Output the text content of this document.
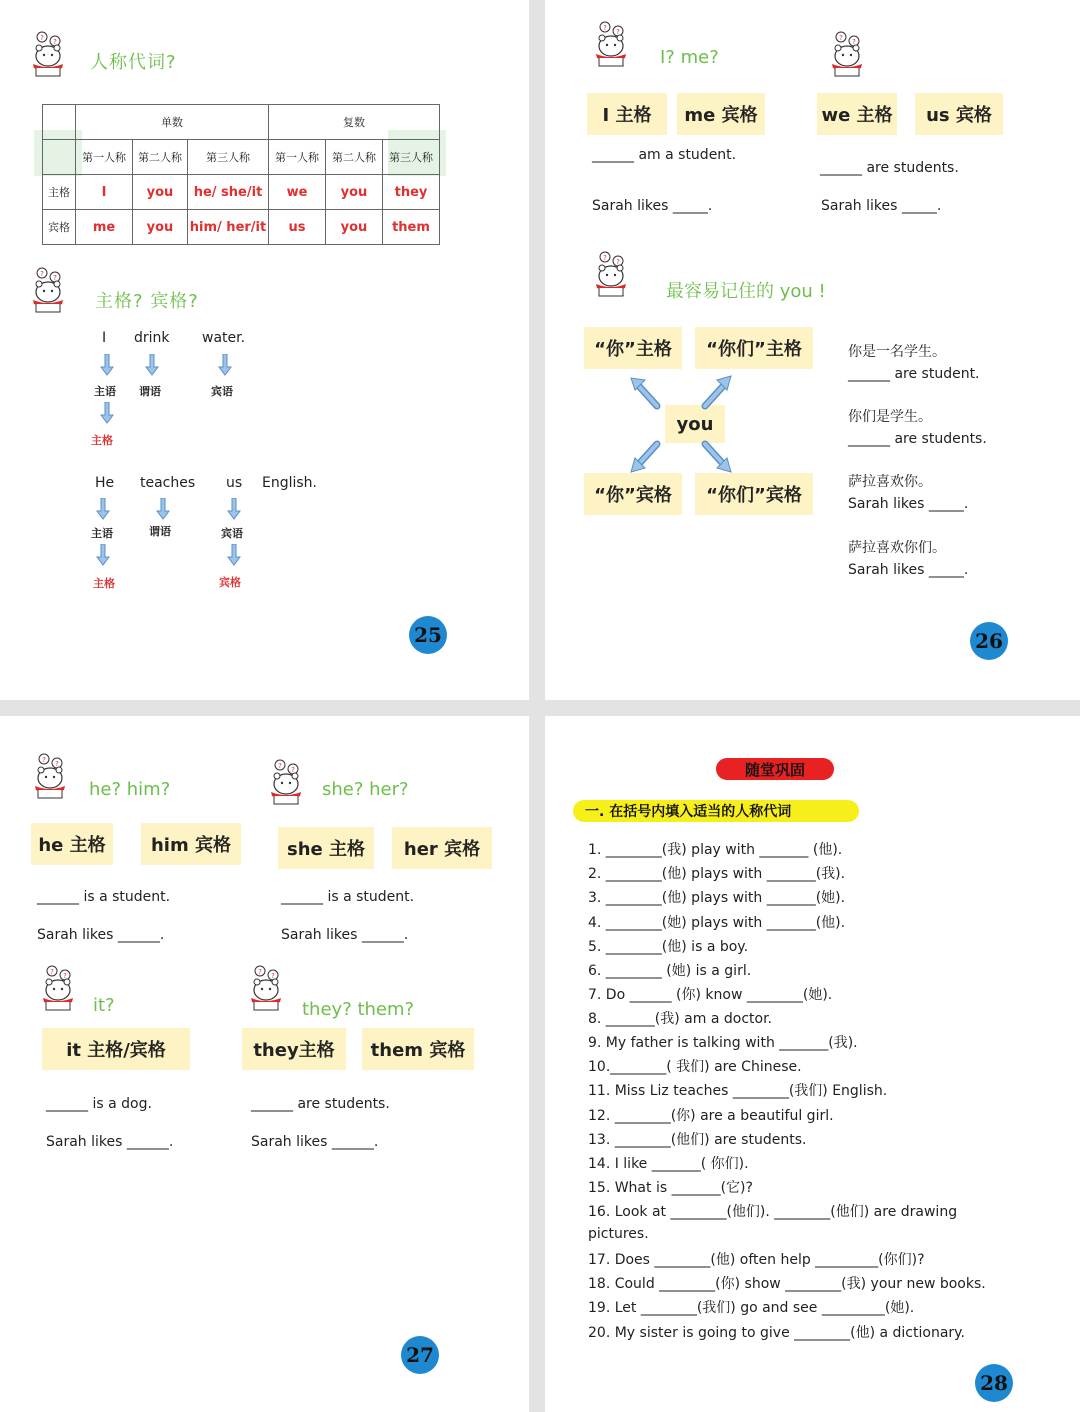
人称代词?
	单数			复数		
	第一人称	第二人称	第三人称	第一人称	第二人称	第三人称
主格	I	you	he/ she/it	we	you	they
宾格	me	you	him/ her/it	us	you	them
主格? 宾格?
I drink water.
主语 谓语	宾语
主格
He teaches us English.
主语	谓语	宾语
主格	宾格
25
I? me?
I 主格	me 宾格	we 主格	us 宾格
______ am a student.
______ are students.
Sarah likes _____.	Sarah likes _____.
最容易记住的 you !
“你”主格	“你们”主格
you
“你”宾格	“你们”宾格
你是一名学生。
______ are student.
你们是学生。
______ are students.
萨拉喜欢你。
Sarah likes _____.
萨拉喜欢你们。
Sarah likes _____.
26
he? him?	she? her?
he 主格	him 宾格	she 主格	her 宾格
______ is a student.
Sarah likes ______.
______ is a student.
Sarah likes ______.
it?	they? them?
it 主格/宾格	they主格	them 宾格
______ is a dog.
Sarah likes ______.
______ are students.
Sarah likes ______.
27
随堂巩固
一. 在括号内填入适当的人称代词
1. ________(我) play with _______ (他).
2. ________(他) plays with _______(我).
3. ________(他) plays with _______(她).
4. ________(她) plays with _______(他).
5. ________(他) is a boy.
6. ________ (她) is a girl.
7. Do ______ (你) know ________(她).
8. _______(我) am a doctor.
9. My father is talking with _______(我).
10.________( 我们) are Chinese.
11. Miss Liz teaches ________(我们) English.
12. ________(你) are a beautiful girl.
13. ________(他们) are students.
14. I like _______( 你们).
15. What is _______(它)?
16. Look at ________(他们). ________(他们) are drawing
pictures.
17. Does ________(他) often help _________(你们)?
18. Could ________(你) show ________(我) your new books.
19. Let ________(我们) go and see _________(她).
20. My sister is going to give ________(他) a dictionary.
28
